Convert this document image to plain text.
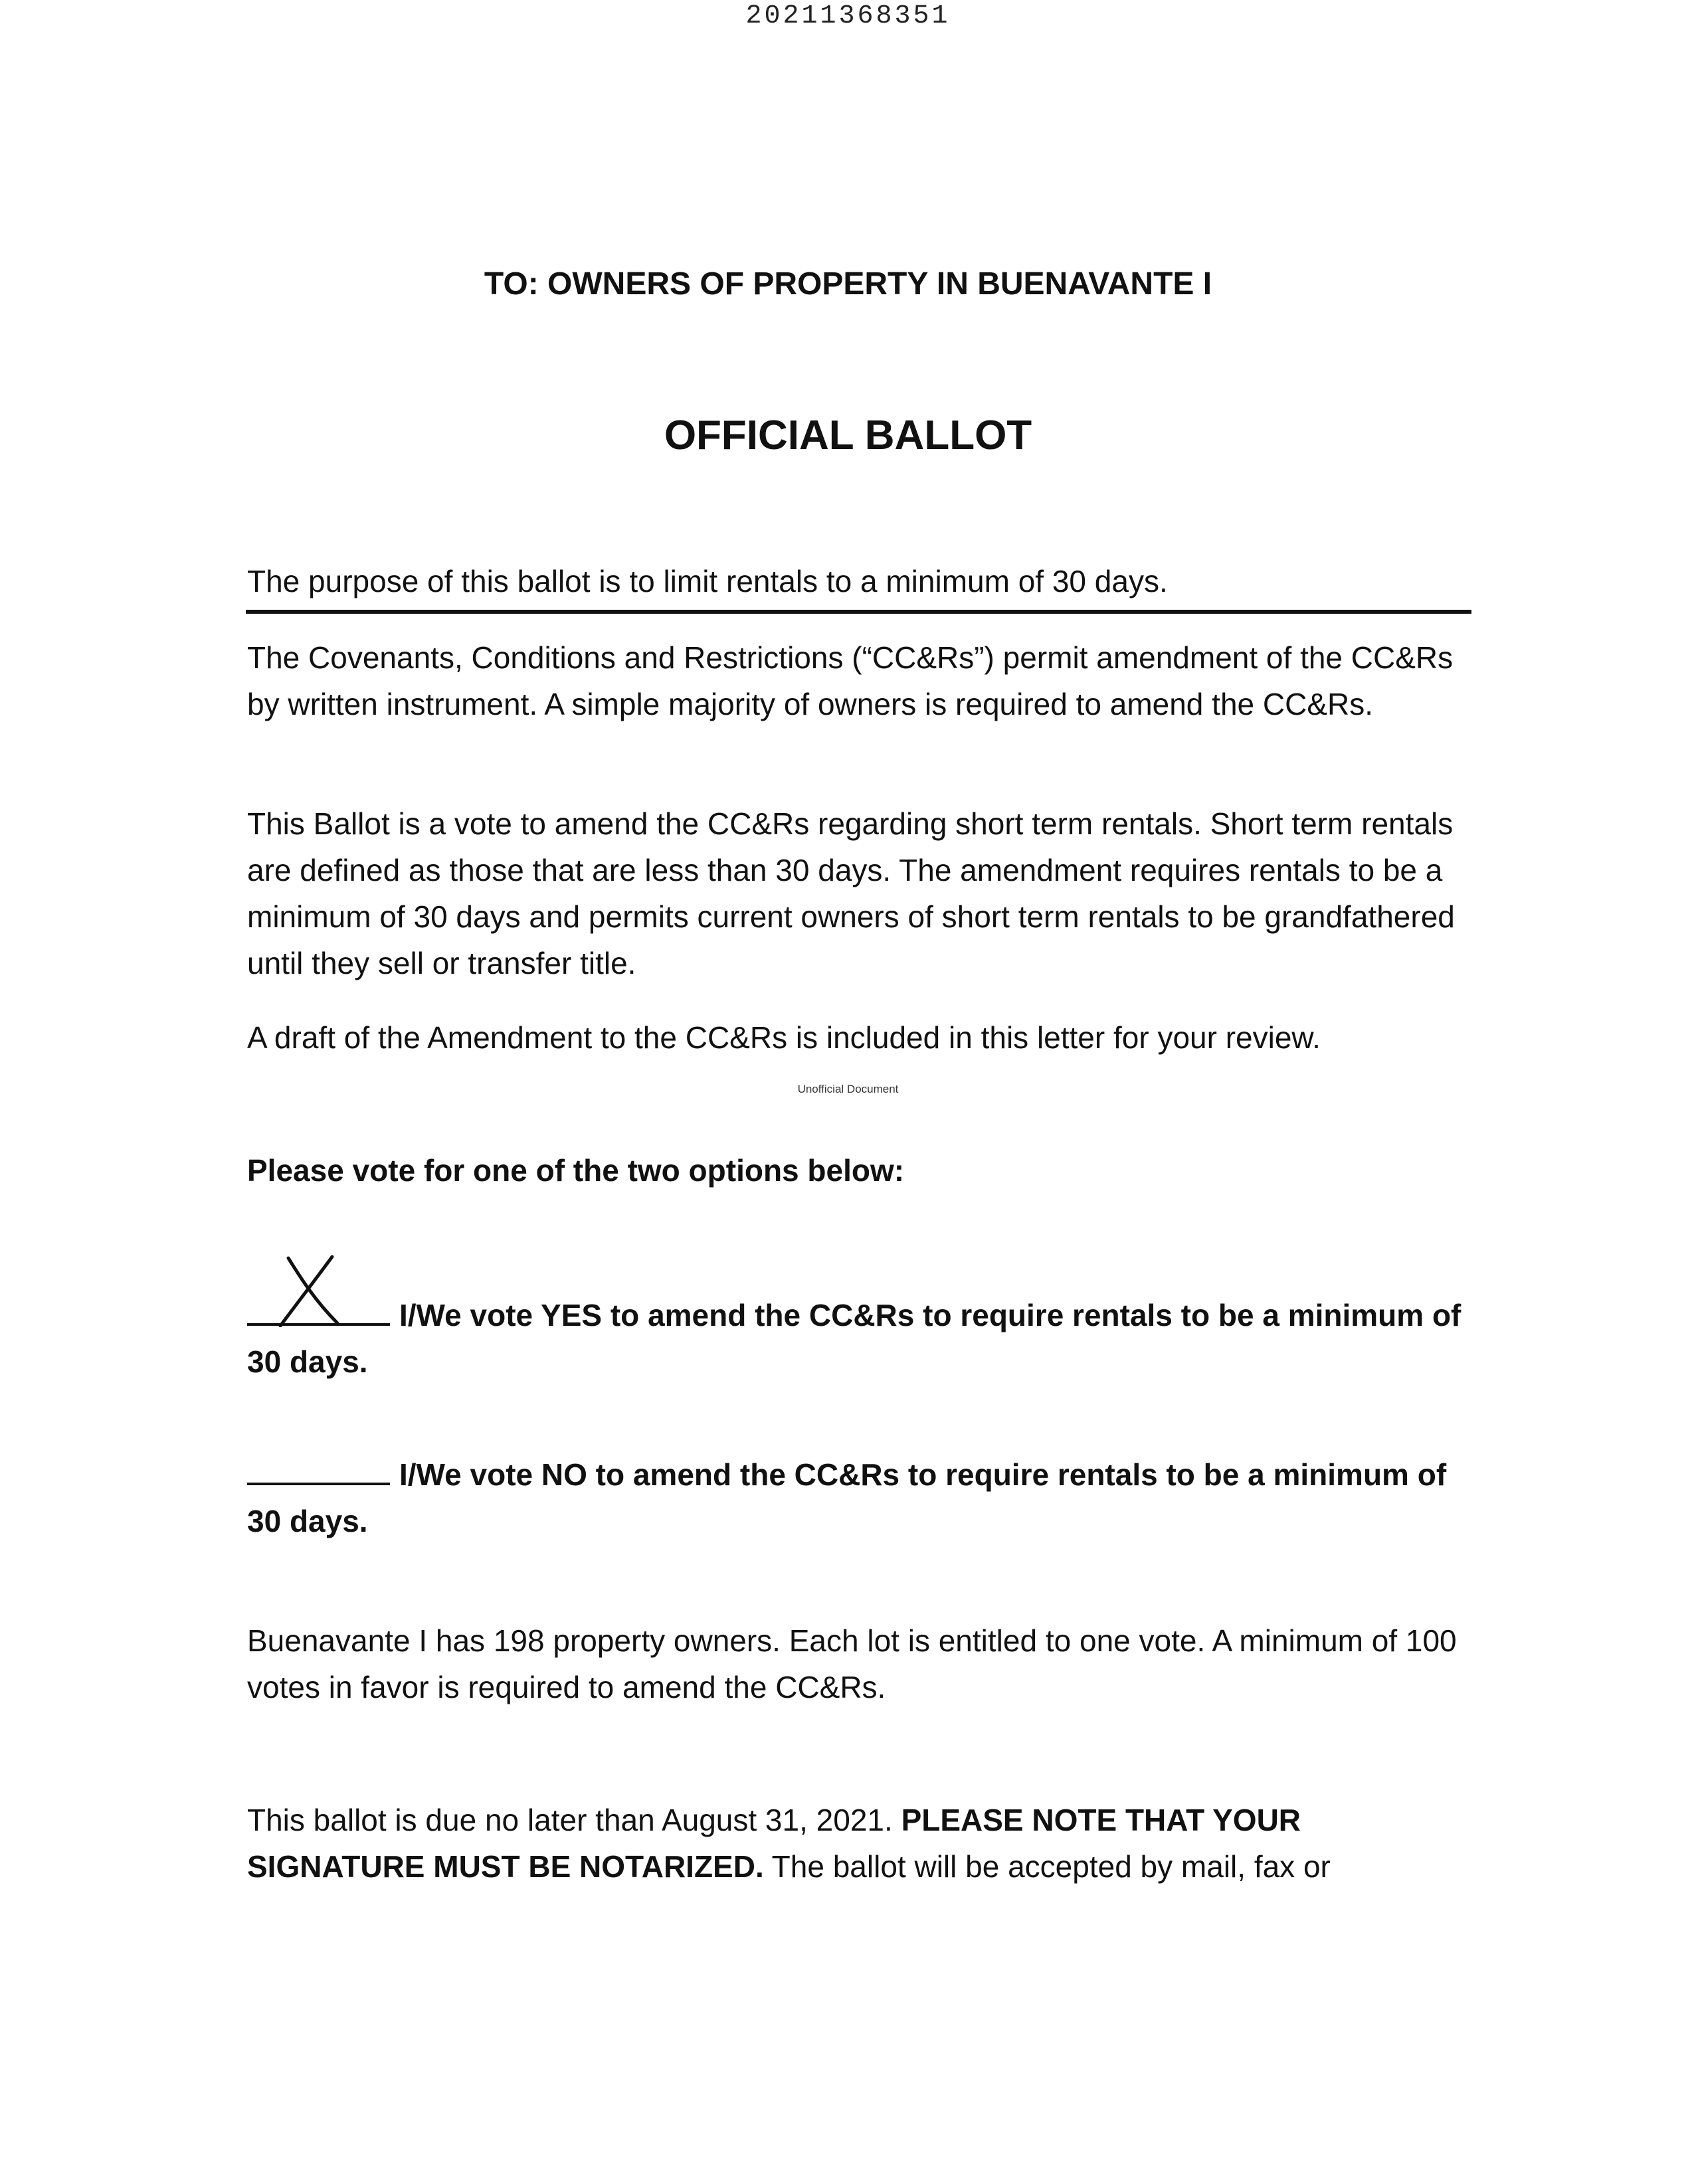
20211368351
TO: OWNERS OF PROPERTY IN BUENAVANTE I
OFFICIAL BALLOT
The purpose of this ballot is to limit rentals to a minimum of 30 days.
The Covenants, Conditions and Restrictions (“CC&Rs”) permit amendment of the CC&Rs by written instrument. A simple majority of owners is required to amend the CC&Rs.
This Ballot is a vote to amend the CC&Rs regarding short term rentals. Short term rentals are defined as those that are less than 30 days. The amendment requires rentals to be a minimum of 30 days and permits current owners of short term rentals to be grandfathered until they sell or transfer title.
A draft of the Amendment to the CC&Rs is included in this letter for your review.
Unofficial Document
Please vote for one of the two options below:
I/We vote YES to amend the CC&Rs to require rentals to be a minimum of 30 days.
I/We vote NO to amend the CC&Rs to require rentals to be a minimum of 30 days.
Buenavante I has 198 property owners. Each lot is entitled to one vote. A minimum of 100 votes in favor is required to amend the CC&Rs.
This ballot is due no later than August 31, 2021. PLEASE NOTE THAT YOUR SIGNATURE MUST BE NOTARIZED. The ballot will be accepted by mail, fax or
